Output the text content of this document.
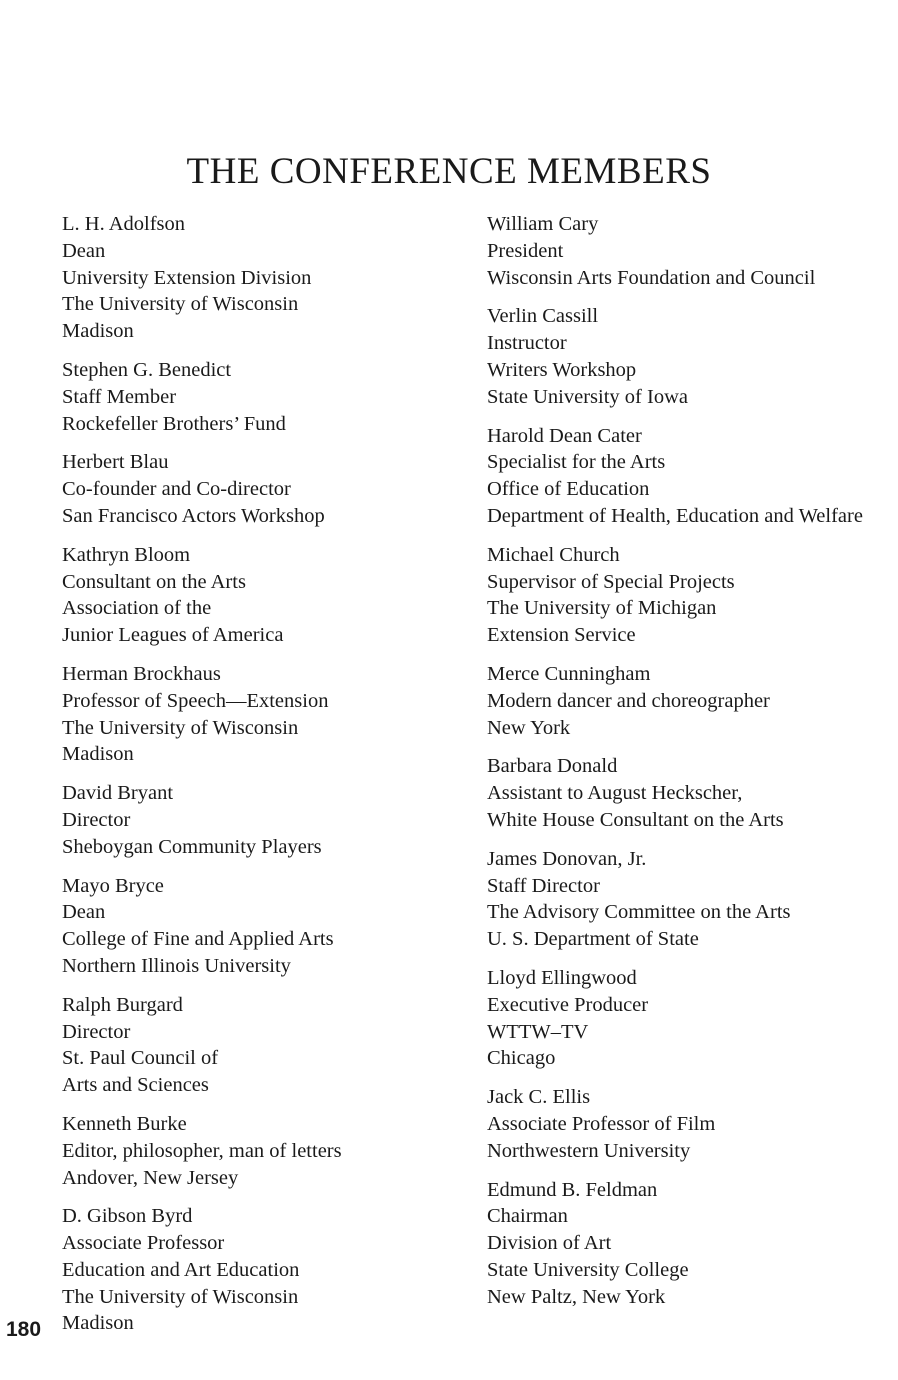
THE CONFERENCE MEMBERS
L. H. Adolfson
Dean
University Extension Division
The University of Wisconsin
Madison
Stephen G. Benedict
Staff Member
Rockefeller Brothers’ Fund
Herbert Blau
Co-founder and Co-director
San Francisco Actors Workshop
Kathryn Bloom
Consultant on the Arts
Association of the
Junior Leagues of America
Herman Brockhaus
Professor of Speech—Extension
The University of Wisconsin
Madison
David Bryant
Director
Sheboygan Community Players
Mayo Bryce
Dean
College of Fine and Applied Arts
Northern Illinois University
Ralph Burgard
Director
St. Paul Council of
Arts and Sciences
Kenneth Burke
Editor, philosopher, man of letters
Andover, New Jersey
D. Gibson Byrd
Associate Professor
Education and Art Education
The University of Wisconsin
Madison
William Cary
President
Wisconsin Arts Foundation and Council
Verlin Cassill
Instructor
Writers Workshop
State University of Iowa
Harold Dean Cater
Specialist for the Arts
Office of Education
Department of Health, Education and Welfare
Michael Church
Supervisor of Special Projects
The University of Michigan
Extension Service
Merce Cunningham
Modern dancer and choreographer
New York
Barbara Donald
Assistant to August Heckscher,
White House Consultant on the Arts
James Donovan, Jr.
Staff Director
The Advisory Committee on the Arts
U. S. Department of State
Lloyd Ellingwood
Executive Producer
WTTW–TV
Chicago
Jack C. Ellis
Associate Professor of Film
Northwestern University
Edmund B. Feldman
Chairman
Division of Art
State University College
New Paltz, New York
180
